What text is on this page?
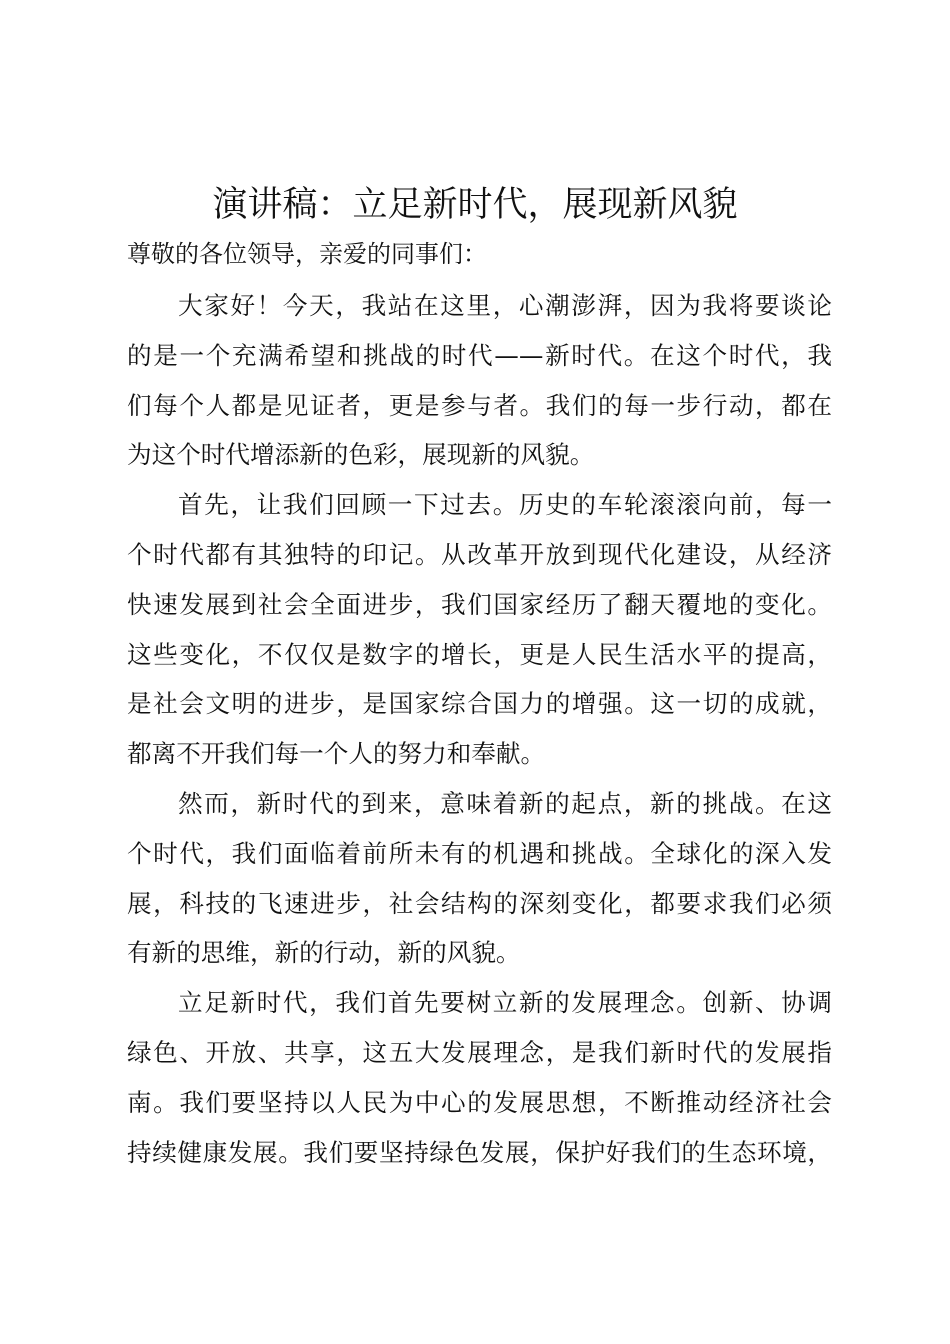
演讲稿：立足新时代，展现新风貌

尊敬的各位领导，亲爱的同事们：

大家好！今天，我站在这里，心潮澎湃，因为我将要谈论

的是一个充满希望和挑战的时代——新时代。在这个时代，我

们每个人都是见证者，更是参与者。我们的每一步行动，都在

为这个时代增添新的色彩，展现新的风貌。

首先，让我们回顾一下过去。历史的车轮滚滚向前，每一

个时代都有其独特的印记。从改革开放到现代化建设，从经济

快速发展到社会全面进步，我们国家经历了翻天覆地的变化。

这些变化，不仅仅是数字的增长，更是人民生活水平的提高，

是社会文明的进步，是国家综合国力的增强。这一切的成就，

都离不开我们每一个人的努力和奉献。

然而，新时代的到来，意味着新的起点，新的挑战。在这

个时代，我们面临着前所未有的机遇和挑战。全球化的深入发

展，科技的飞速进步，社会结构的深刻变化，都要求我们必须

有新的思维，新的行动，新的风貌。

立足新时代，我们首先要树立新的发展理念。创新、协调

绿色、开放、共享，这五大发展理念，是我们新时代的发展指

南。我们要坚持以人民为中心的发展思想，不断推动经济社会

持续健康发展。我们要坚持绿色发展，保护好我们的生态环境，
